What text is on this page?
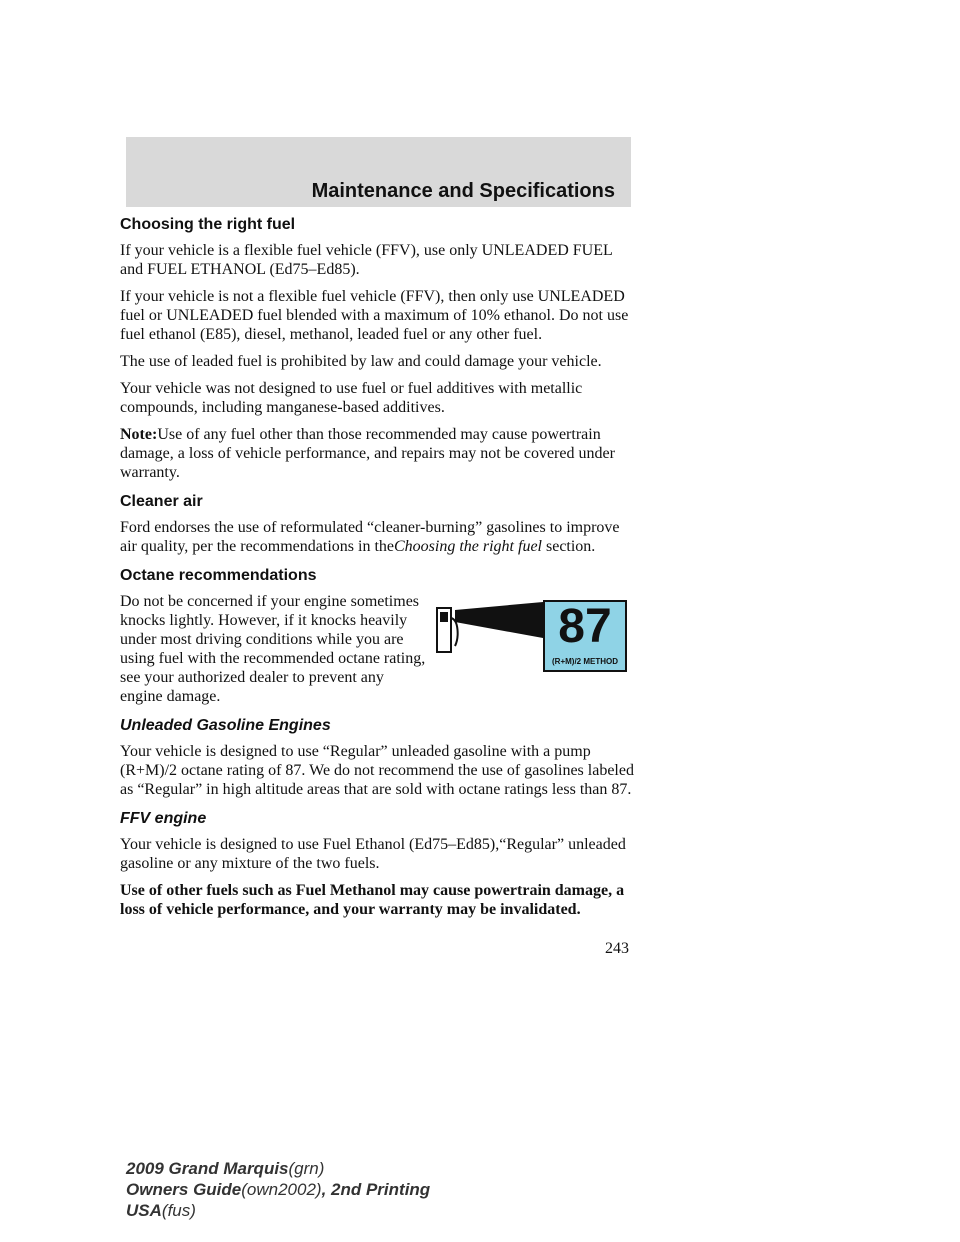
Maintenance and Specifications
Choosing the right fuel

If your vehicle is a flexible fuel vehicle (FFV), use only UNLEADED FUEL and FUEL ETHANOL (Ed75–Ed85).

If your vehicle is not a flexible fuel vehicle (FFV), then only use UNLEADED fuel or UNLEADED fuel blended with a maximum of 10% ethanol. Do not use fuel ethanol (E85), diesel, methanol, leaded fuel or any other fuel.

The use of leaded fuel is prohibited by law and could damage your vehicle.

Your vehicle was not designed to use fuel or fuel additives with metallic compounds, including manganese-based additives.

Note:Use of any fuel other than those recommended may cause powertrain damage, a loss of vehicle performance, and repairs may not be covered under warranty.

Cleaner air

Ford endorses the use of reformulated “cleaner-burning” gasolines to improve air quality, per the recommendations in theChoosing the right fuel section.

Octane recommendations
87
(R+M)/2 METHOD

Do not be concerned if your engine sometimes knocks lightly. However, if it knocks heavily under most driving conditions while you are using fuel with the recommended octane rating, see your authorized dealer to prevent any engine damage.

Unleaded Gasoline Engines

Your vehicle is designed to use “Regular” unleaded gasoline with a pump (R+M)/2 octane rating of 87. We do not recommend the use of gasolines labeled as “Regular” in high altitude areas that are sold with octane ratings less than 87.

FFV engine

Your vehicle is designed to use Fuel Ethanol (Ed75–Ed85),“Regular” unleaded gasoline or any mixture of the two fuels.

Use of other fuels such as Fuel Methanol may cause powertrain damage, a loss of vehicle performance, and your warranty may be invalidated.

243
2009 Grand Marquis(grn)
Owners Guide(own2002), 2nd Printing
USA(fus)
